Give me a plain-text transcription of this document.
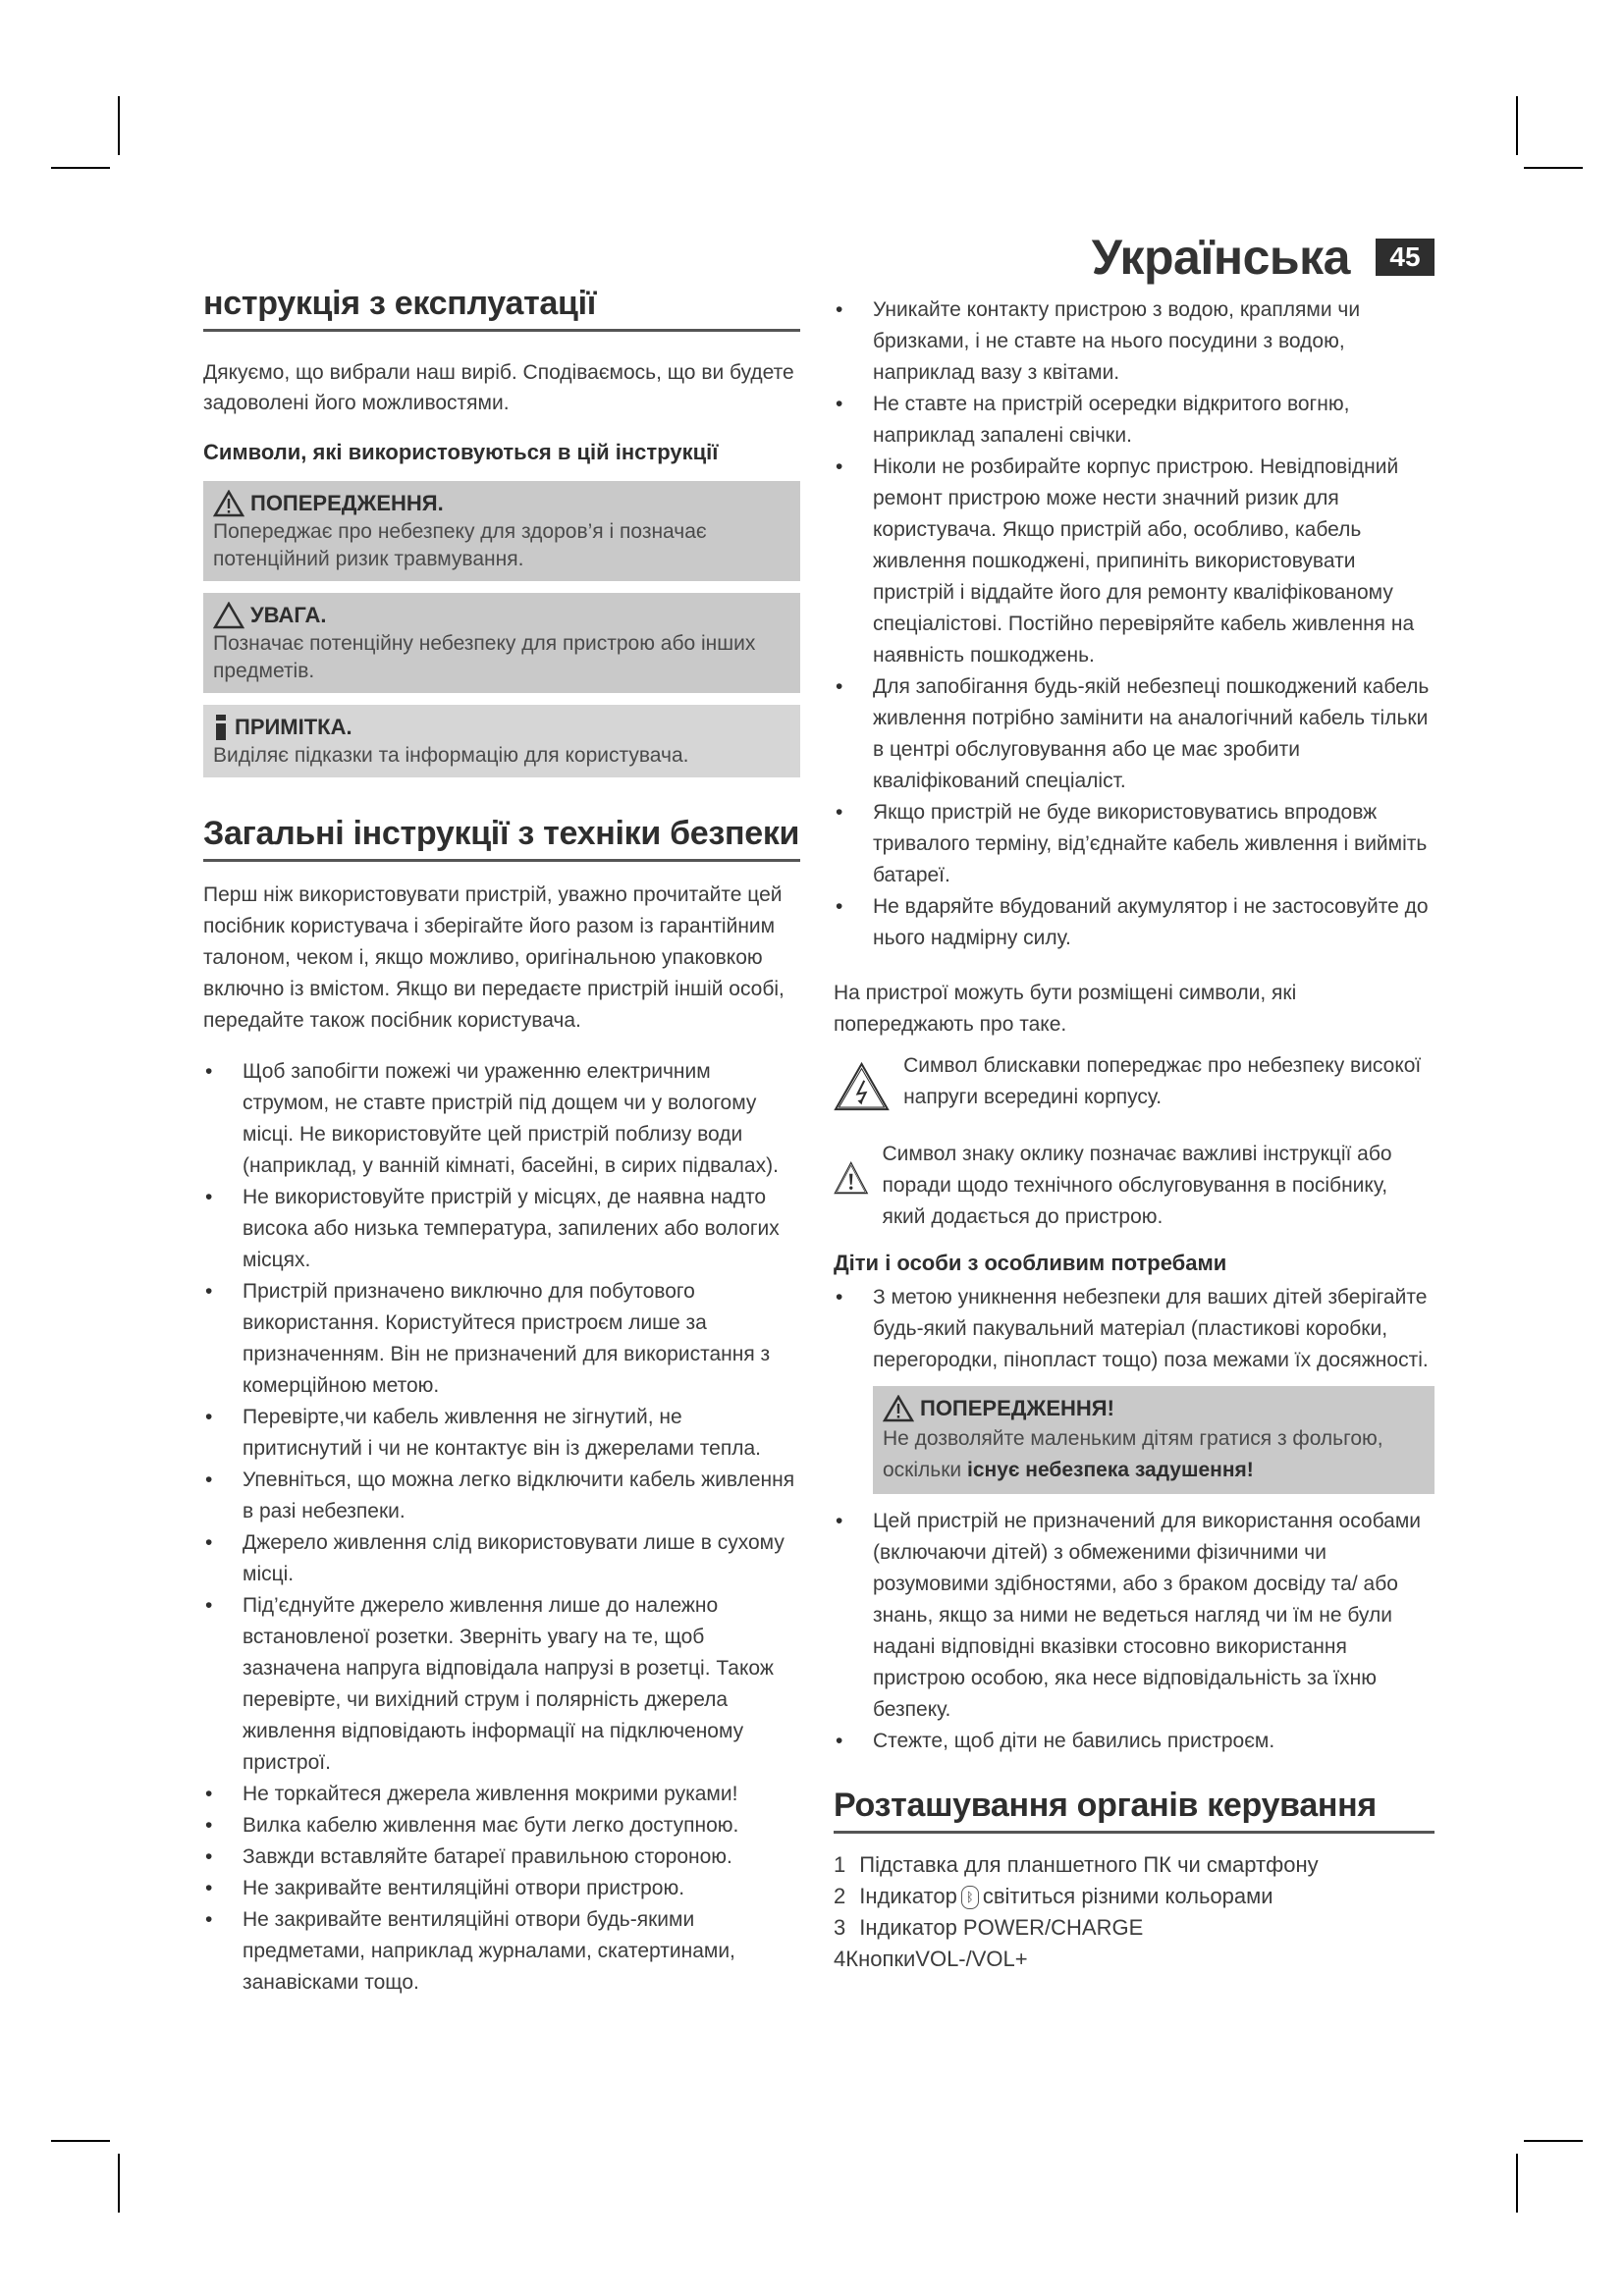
Українська	45
нструкція з експлуатації

Дякуємо, що вибрали наш виріб. Сподіваємось, що ви будете задоволені його можливостями.

Символи, які використовуються в цій інструкції
ПОПЕРЕДЖЕННЯ.
Попереджає про небезпеку для здоров’я і позначає потенційний ризик травмування.
УВАГА.
Позначає потенційну небезпеку для пристрою або інших предметів.
ПРИМІТКА.
Виділяє підказки та інформацію для користувача.
Загальні інструкції з техніки безпеки

Перш ніж використовувати пристрій, уважно прочитайте цей посібник користувача і зберігайте його разом із гарантійним талоном, чеком і, якщо можливо, оригінальною упаковкою включно із вмістом. Якщо ви передаєте пристрій іншій особі, передайте також посібник користувача.

• Щоб запобігти пожежі чи ураженню електричним струмом, не ставте пристрій під дощем чи у вологому місці. Не використовуйте цей пристрій поблизу води (наприклад, у ванній кімнаті, басейні, в сирих підвалах).
• Не використовуйте пристрій у місцях, де наявна надто висока або низька температура, запилених або вологих місцях.
• Пристрій призначено виключно для побутового використання. Користуйтеся пристроєм лише за призначенням. Він не призначений для використання з комерційною метою.
• Перевірте,чи кабель живлення не зігнутий, не притиснутий і чи не контактує він із джерелами тепла.
• Упевніться, що можна легко відключити кабель живлення в разі небезпеки.
• Джерело живлення слід використовувати лише в сухому місці.
• Під’єднуйте джерело живлення лише до належно встановленої розетки. Зверніть увагу на те, щоб зазначена напруга відповідала напрузі в розетці. Також перевірте, чи вихідний струм і полярність джерела живлення відповідають інформації на підключеному пристрої.
• Не торкайтеся джерела живлення мокрими руками!
• Вилка кабелю живлення має бути легко доступною.
• Завжди вставляйте батареї правильною стороною.
• Не закривайте вентиляційні отвори пристрою.
• Не закривайте вентиляційні отвори будь-якими предметами, наприклад журналами, скатертинами, занавісками тощо.
• Уникайте контакту пристрою з водою, краплями чи бризками, і не ставте на нього посудини з водою, наприклад вазу з квітами.
• Не ставте на пристрій осередки відкритого вогню, наприклад запалені свічки.
• Ніколи не розбирайте корпус пристрою. Невідповідний ремонт пристрою може нести значний ризик для користувача. Якщо пристрій або, особливо, кабель живлення пошкоджені, припиніть використовувати пристрій і віддайте його для ремонту кваліфікованому спеціалістові. Постійно перевіряйте кабель живлення на наявність пошкоджень.
• Для запобігання будь-якій небезпеці пошкоджений кабель живлення потрібно замінити на аналогічний кабель тільки в центрі обслуговування або це має зробити кваліфікований спеціаліст.
• Якщо пристрій не буде використовуватись впродовж тривалого терміну, від’єднайте кабель живлення і вийміть батареї.
• Не вдаряйте вбудований акумулятор і не застосовуйте до нього надмірну силу.

На пристрої можуть бути розміщені символи, які попереджають про таке.

Символ блискавки попереджає про небезпеку високої напруги всередині корпусу.

Символ знаку оклику позначає важливі інструкції або поради щодо технічного обслуговування в посібнику, який додається до пристрою.

Діти і особи з особливим потребами
• З метою уникнення небезпеки для ваших дітей зберігайте будь-який пакувальний матеріал (пластикові коробки, перегородки, пінопласт тощо) поза межами їх досяжності.
ПОПЕРЕДЖЕННЯ!
Не дозволяйте маленьким дітям гратися з фольгою, оскільки існує небезпека задушення!
• Цей пристрій не призначений для використання особами (включаючи дітей) з обмеженими фізичними чи розумовими здібностями, або з браком досвіду та/ або знань, якщо за ними не ведеться нагляд чи їм не були надані відповідні вказівки стосовно використання пристрою особою, яка несе відповідальність за їхню безпеку.
• Стежте, щоб діти не бавились пристроєм.
Розташування органів керування
1 Підставка для планшетного ПК чи смартфону
2 Індикатор ᛒ світиться різними кольорами
3 Індикатор POWER/CHARGE
4 КнопкиVOL-/VOL+
